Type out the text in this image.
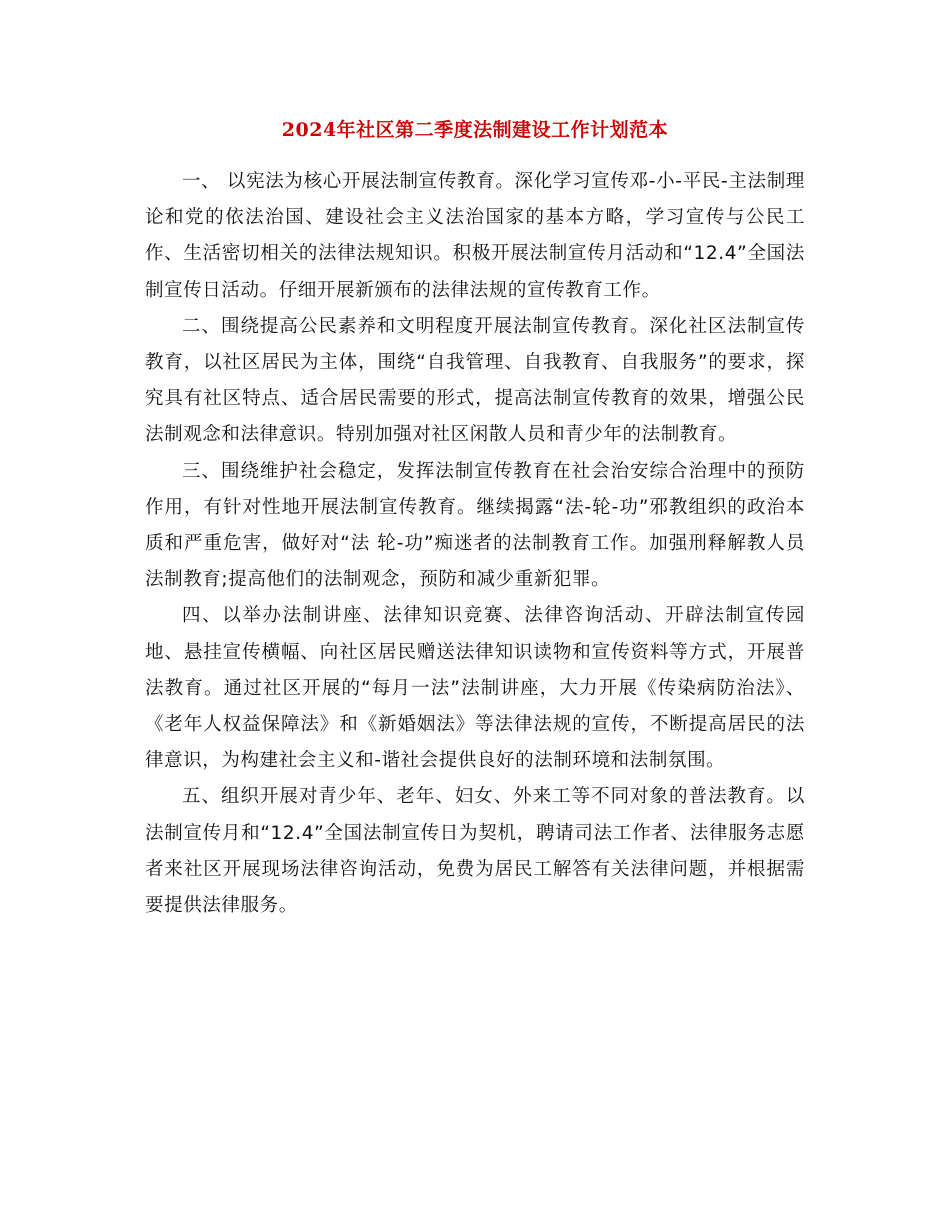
2024年社区第二季度法制建设工作计划范本

一、 以宪法为核心开展法制宣传教育。深化学习宣传邓-小-平民-主法制理论和党的依法治国、建设社会主义法治国家的基本方略，学习宣传与公民工作、生活密切相关的法律法规知识。积极开展法制宣传月活动和“12.4”全国法制宣传日活动。仔细开展新颁布的法律法规的宣传教育工作。

二、围绕提高公民素养和文明程度开展法制宣传教育。深化社区法制宣传教育，以社区居民为主体，围绕“自我管理、自我教育、自我服务”的要求，探究具有社区特点、适合居民需要的形式，提高法制宣传教育的效果，增强公民法制观念和法律意识。特别加强对社区闲散人员和青少年的法制教育。

三、围绕维护社会稳定，发挥法制宣传教育在社会治安综合治理中的预防作用，有针对性地开展法制宣传教育。继续揭露“法-轮-功”邪教组织的政治本质和严重危害，做好对“法 轮-功”痴迷者的法制教育工作。加强刑释解教人员法制教育;提高他们的法制观念，预防和减少重新犯罪。

四、以举办法制讲座、法律知识竞赛、法律咨询活动、开辟法制宣传园地、悬挂宣传横幅、向社区居民赠送法律知识读物和宣传资料等方式，开展普法教育。通过社区开展的“每月一法”法制讲座，大力开展《传染病防治法》、《老年人权益保障法》和《新婚姻法》等法律法规的宣传，不断提高居民的法律意识，为构建社会主义和-谐社会提供良好的法制环境和法制氛围。

五、组织开展对青少年、老年、妇女、外来工等不同对象的普法教育。以法制宣传月和“12.4”全国法制宣传日为契机，聘请司法工作者、法律服务志愿者来社区开展现场法律咨询活动，免费为居民工解答有关法律问题，并根据需要提供法律服务。
